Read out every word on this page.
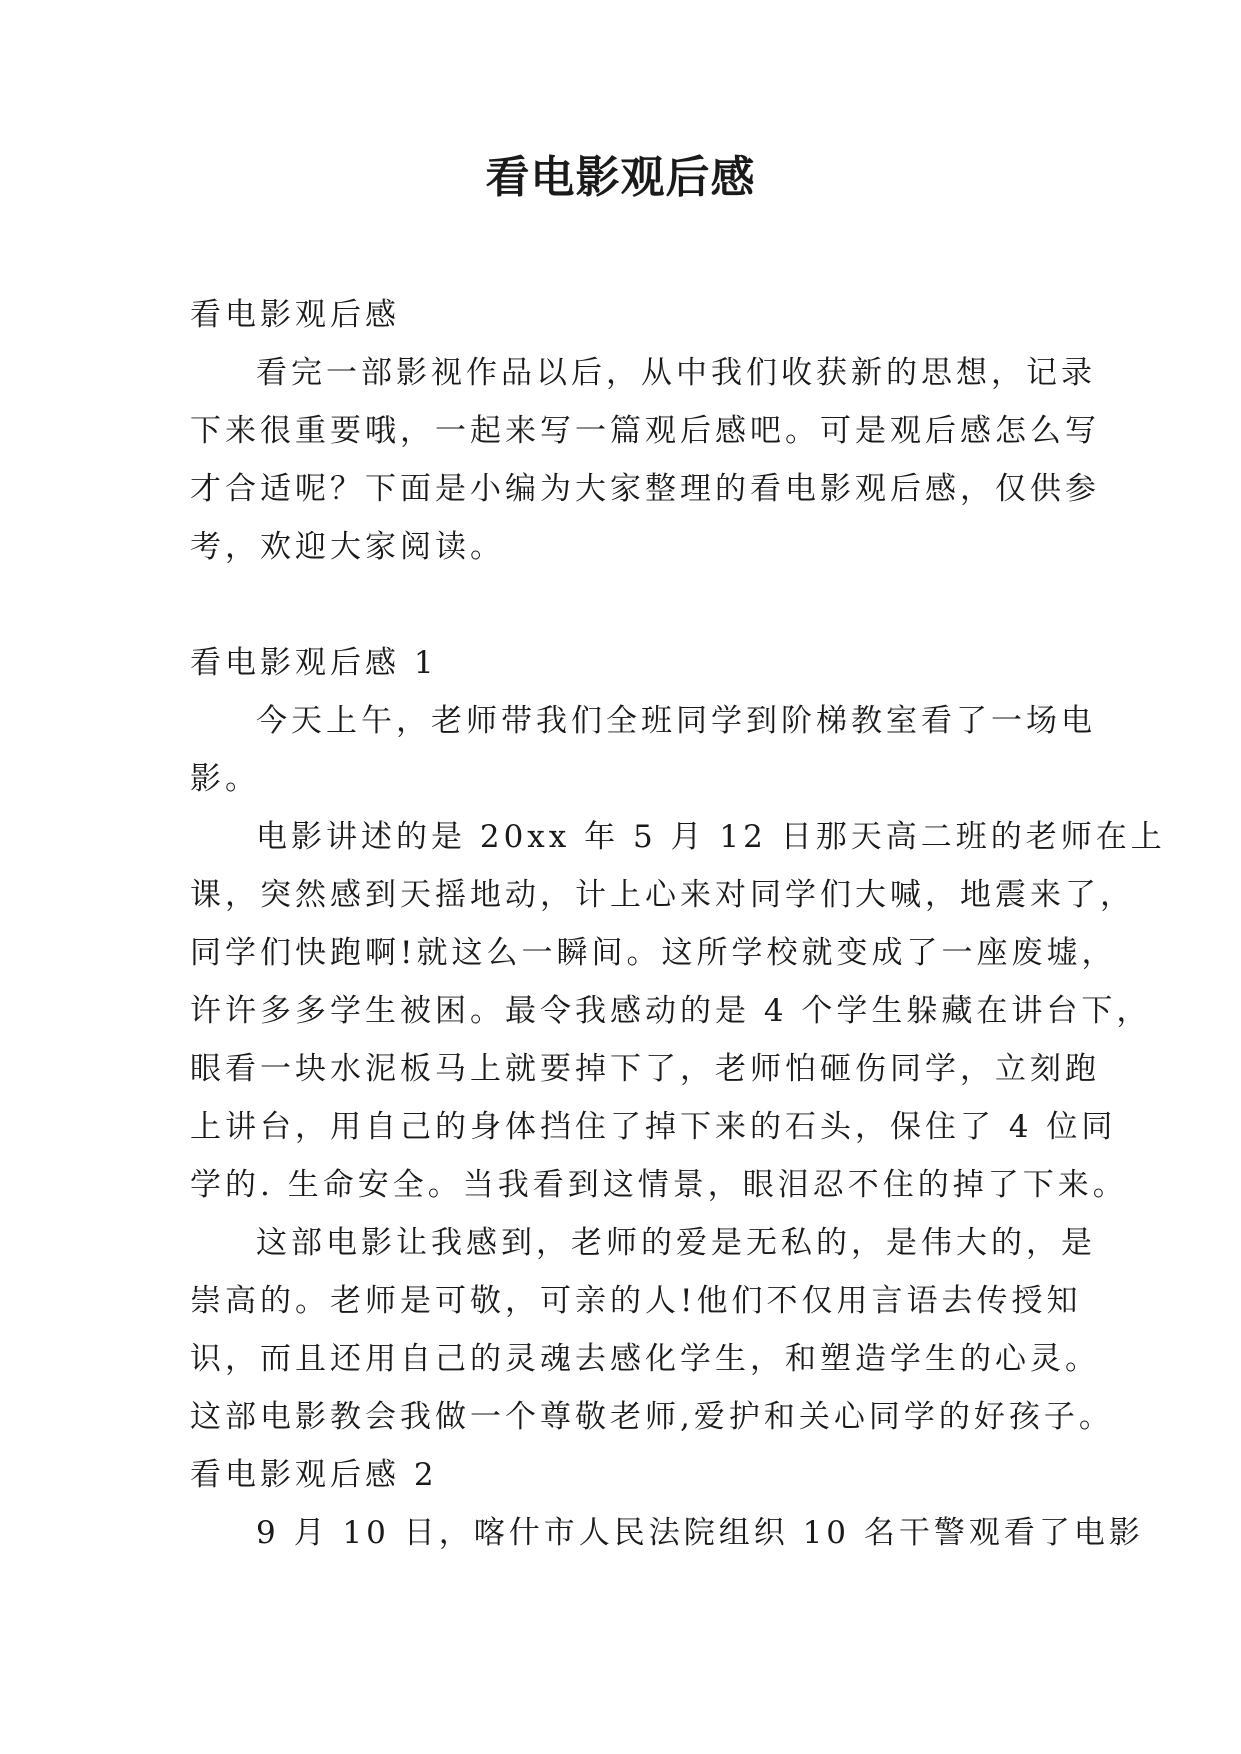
看电影观后感
看电影观后感
看完一部影视作品以后，从中我们收获新的思想，记录
下来很重要哦，一起来写一篇观后感吧。可是观后感怎么写
才合适呢？下面是小编为大家整理的看电影观后感，仅供参
考，欢迎大家阅读。
看电影观后感 1
今天上午，老师带我们全班同学到阶梯教室看了一场电
影。
电影讲述的是 20xx 年 5 月 12 日那天高二班的老师在上
课，突然感到天摇地动，计上心来对同学们大喊，地震来了，
同学们快跑啊!就这么一瞬间。这所学校就变成了一座废墟，
许许多多学生被困。最令我感动的是 4 个学生躲藏在讲台下，
眼看一块水泥板马上就要掉下了，老师怕砸伤同学，立刻跑
上讲台，用自己的身体挡住了掉下来的石头，保住了 4 位同
学的. 生命安全。当我看到这情景，眼泪忍不住的掉了下来。
这部电影让我感到，老师的爱是无私的，是伟大的，是
崇高的。老师是可敬，可亲的人!他们不仅用言语去传授知
识，而且还用自己的灵魂去感化学生，和塑造学生的心灵。
这部电影教会我做一个尊敬老师,爱护和关心同学的好孩子。
看电影观后感 2
9 月 10 日，喀什市人民法院组织 10 名干警观看了电影
